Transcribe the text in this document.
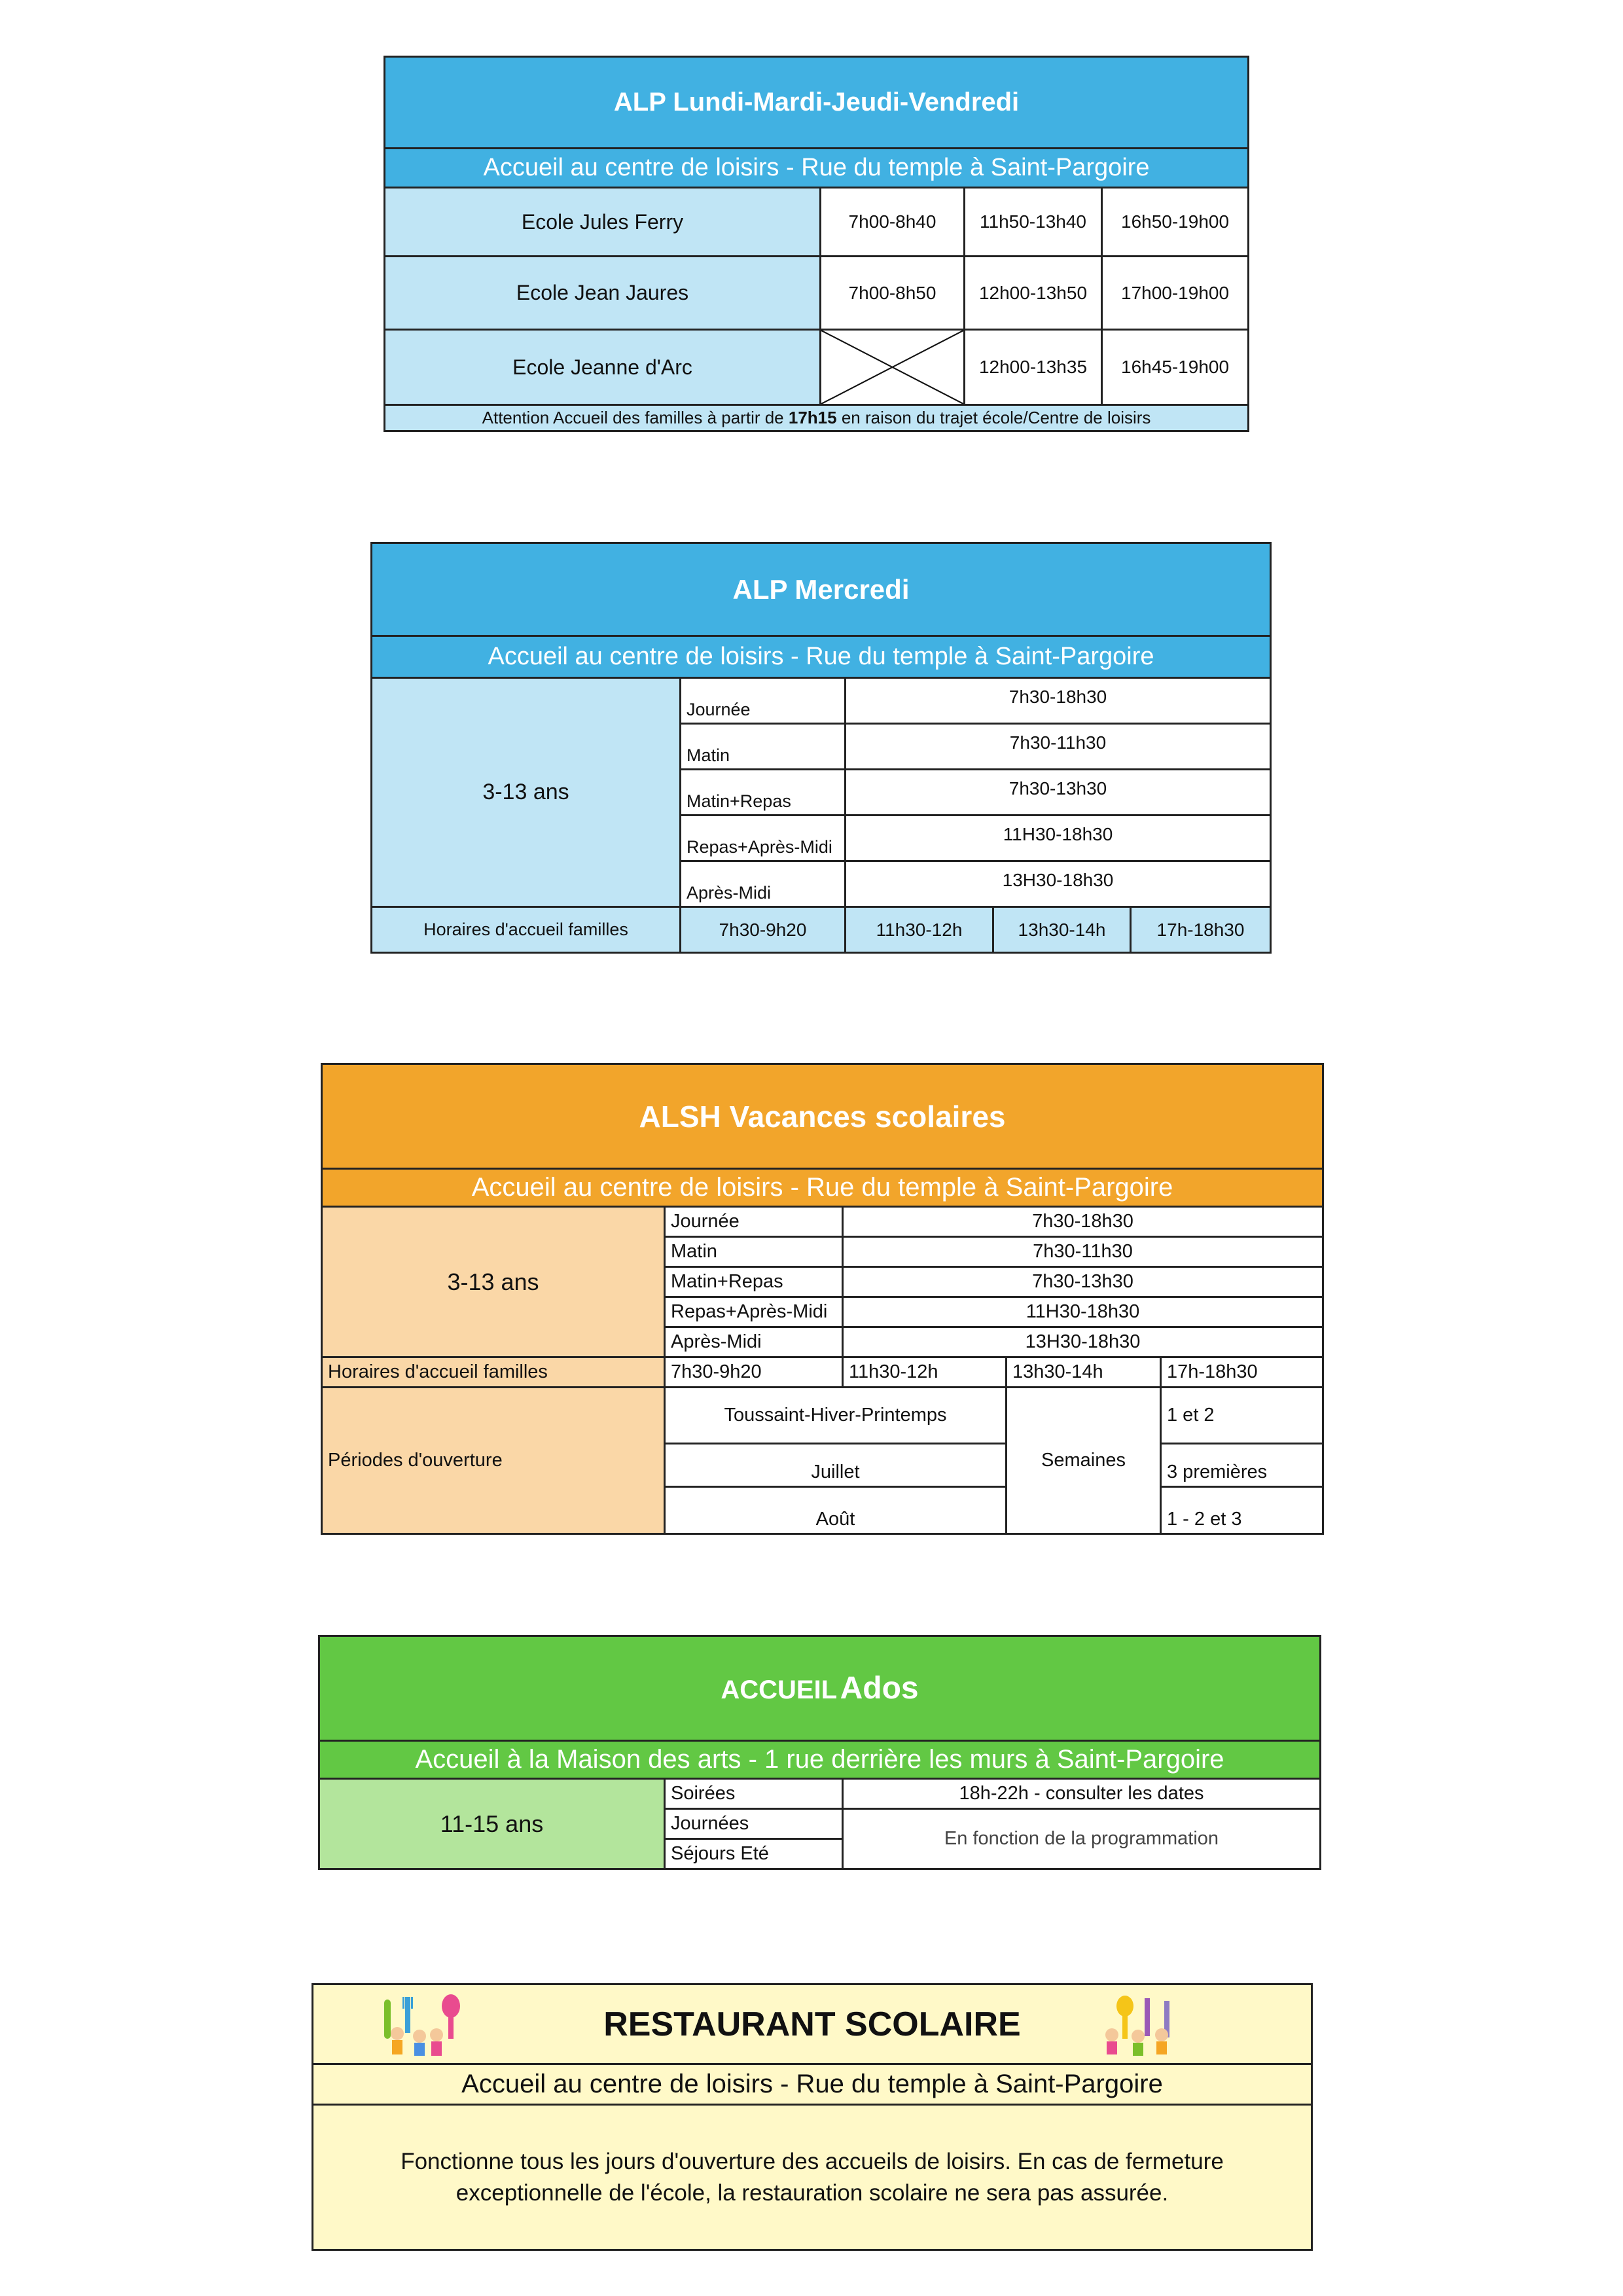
ALP Lundi-Mardi-Jeudi-Vendredi			
Accueil au centre de loisirs - Rue du temple à Saint-Pargoire			
Ecole Jules Ferry	7h00-8h40	11h50-13h40	16h50-19h00
Ecole Jean Jaures	7h00-8h50	12h00-13h50	17h00-19h00
Ecole Jeanne d'Arc		12h00-13h35	16h45-19h00
Attention Accueil des familles à partir de 17h15 en raison du trajet école/Centre de loisirs			
ALP Mercredi				
Accueil au centre de loisirs - Rue du temple à Saint-Pargoire				
3-13 ans	Journée	7h30-18h30		
	Matin	7h30-11h30		
	Matin+Repas	7h30-13h30		
	Repas+Après-Midi	11H30-18h30		
	Après-Midi	13H30-18h30		
Horaires d'accueil familles	7h30-9h20	11h30-12h	13h30-14h	17h-18h30
ALSH Vacances scolaires				
Accueil au centre de loisirs - Rue du temple à Saint-Pargoire				
3-13 ans	Journée	7h30-18h30		
	Matin	7h30-11h30		
	Matin+Repas	7h30-13h30		
	Repas+Après-Midi	11H30-18h30		
	Après-Midi	13H30-18h30		
Horaires d'accueil familles	7h30-9h20	11h30-12h	13h30-14h	17h-18h30
Périodes d'ouverture	Toussaint-Hiver-Printemps		Semaines	1 et 2
	Juillet			3 premières
	Août			1 - 2 et 3
ACCUEIL Ados		
Accueil à la Maison des arts - 1 rue derrière les murs à Saint-Pargoire		
11-15 ans	Soirées	18h-22h - consulter les dates
	Journées	En fonction de la programmation
	Séjours Eté	
RESTAURANT SCOLAIRE

Accueil au centre de loisirs - Rue du temple à Saint-Pargoire

Fonctionne tous les jours d'ouverture des accueils de loisirs. En cas de fermeture
exceptionnelle de l'école, la restauration scolaire ne sera pas assurée.
